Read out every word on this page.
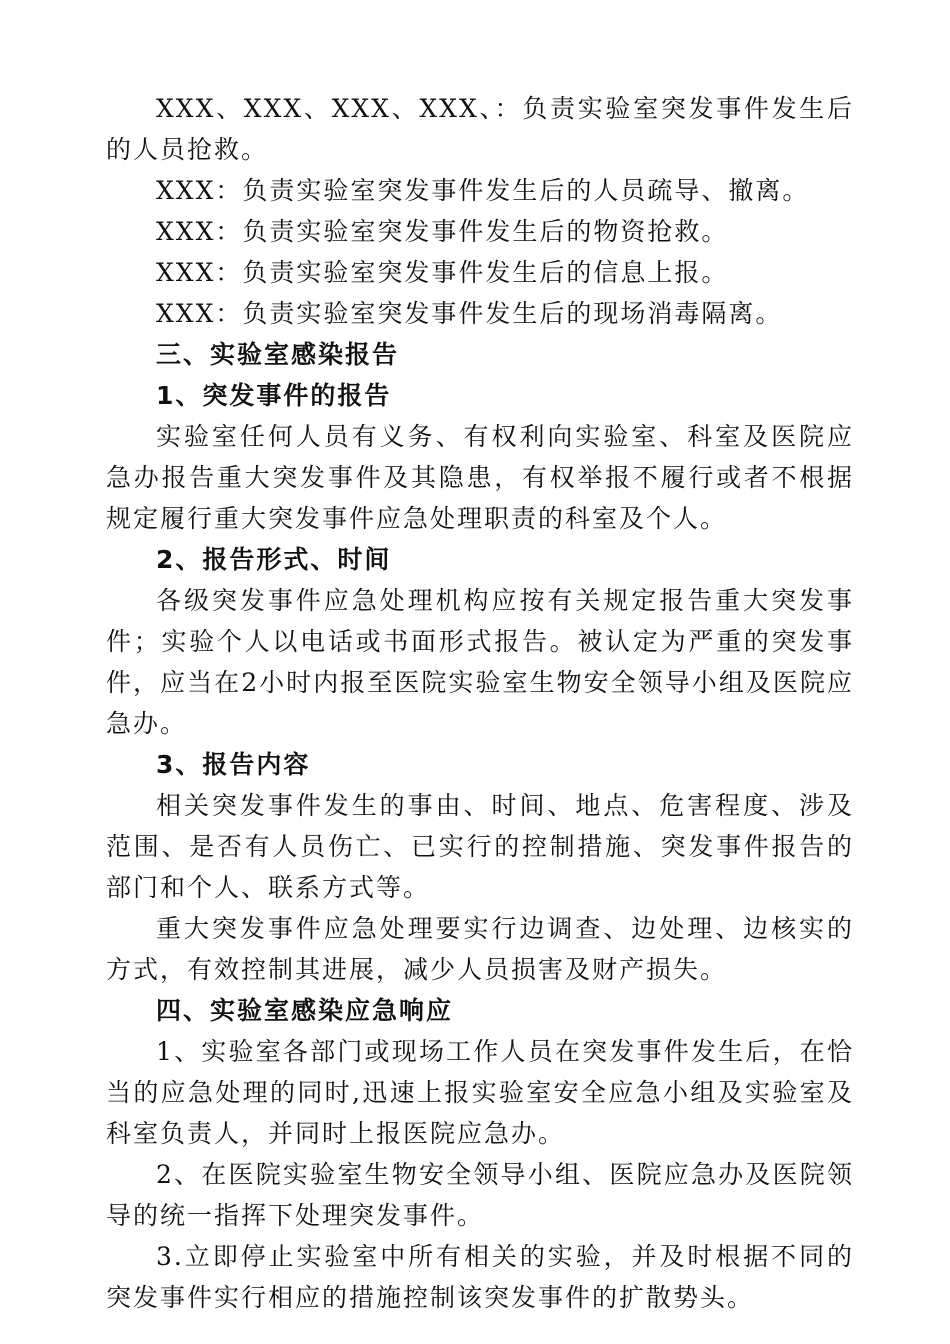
XXX、XXX、XXX、XXX、：负责实验室突发事件发生后的人员抢救。

XXX：负责实验室突发事件发生后的人员疏导、撤离。

XXX：负责实验室突发事件发生后的物资抢救。

XXX：负责实验室突发事件发生后的信息上报。

XXX：负责实验室突发事件发生后的现场消毒隔离。

三、实验室感染报告
1、突发事件的报告

实验室任何人员有义务、有权利向实验室、科室及医院应急办报告重大突发事件及其隐患，有权举报不履行或者不根据规定履行重大突发事件应急处理职责的科室及个人。

2、报告形式、时间

各级突发事件应急处理机构应按有关规定报告重大突发事件；实验个人以电话或书面形式报告。被认定为严重的突发事件，应当在2小时内报至医院实验室生物安全领导小组及医院应急办。

3、报告内容

相关突发事件发生的事由、时间、地点、危害程度、涉及范围、是否有人员伤亡、已实行的控制措施、突发事件报告的部门和个人、联系方式等。

重大突发事件应急处理要实行边调查、边处理、边核实的方式，有效控制其进展，减少人员损害及财产损失。

四、实验室感染应急响应

1、实验室各部门或现场工作人员在突发事件发生后，在恰当的应急处理的同时,迅速上报实验室安全应急小组及实验室及科室负责人，并同时上报医院应急办。

2、在医院实验室生物安全领导小组、医院应急办及医院领导的统一指挥下处理突发事件。

3.立即停止实验室中所有相关的实验，并及时根据不同的突发事件实行相应的措施控制该突发事件的扩散势头。
